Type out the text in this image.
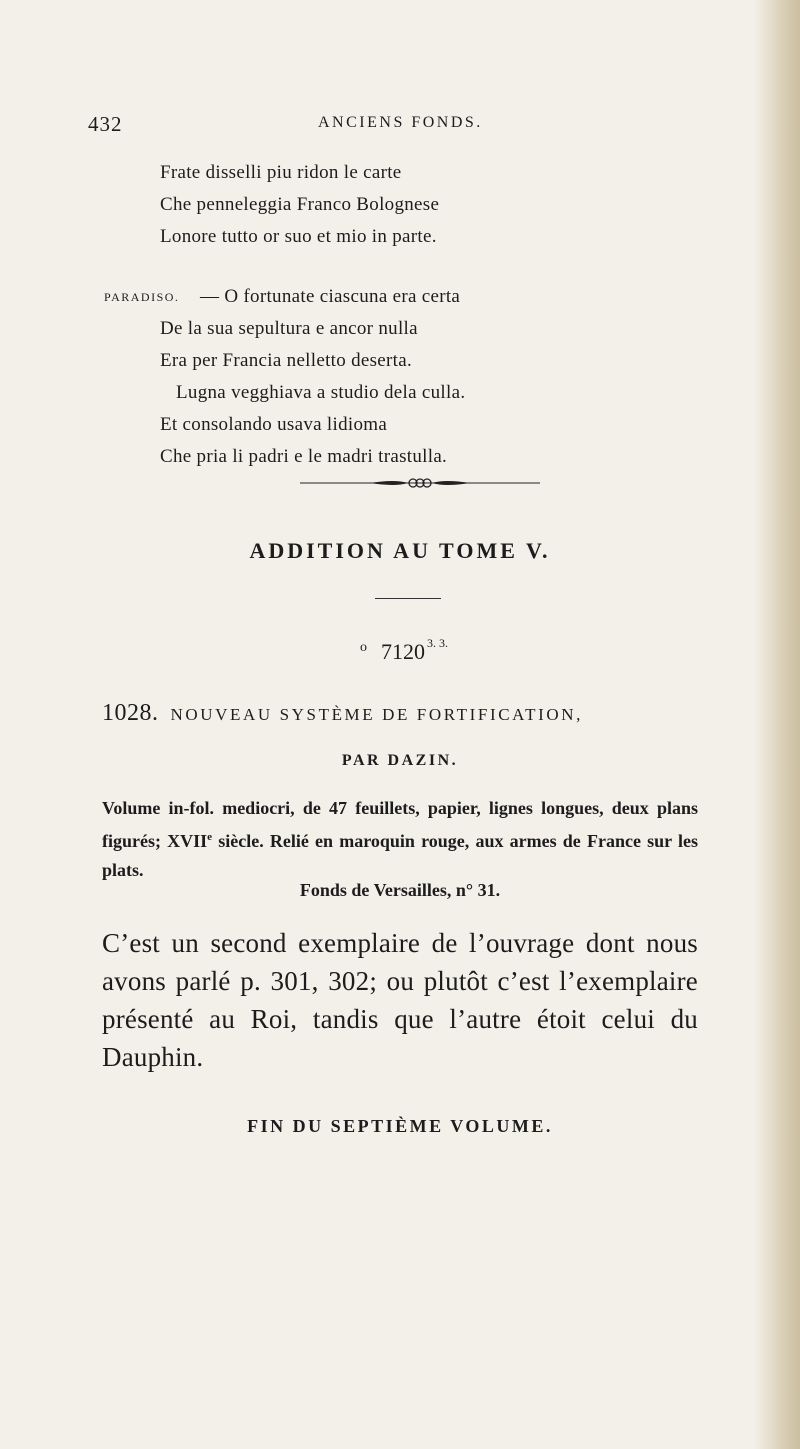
432	ANCIENS FONDS.
Frate disselli piu ridon le carte
Che penneleggia Franco Bolognese
Lonore tutto or suo et mio in parte.
PARADISO. — O fortunate ciascuna era certa
De la sua sepultura e ancor nulla
Era per Francia nelletto deserta.
Lugna vegghiava a studio dela culla.
Et consolando usava lidioma
Che pria li padri e le madri trastulla.
ADDITION AU TOME V.
$^o$ 7120 $^{3. 3.}$
1028. NOUVEAU SYSTÈME DE FORTIFICATION,
PAR DAZIN.
Volume in-fol. mediocri, de 47 feuillets, papier, lignes longues, deux plans figurés; XVIIe siècle. Relié en maroquin rouge, aux armes de France sur les plats.
Fonds de Versailles, n° 31.
C’est un second exemplaire de l’ouvrage dont nous avons parlé p. 301, 302; ou plutôt c’est l’exemplaire présenté au Roi, tandis que l’autre étoit celui du Dauphin.
FIN DU SEPTIÈME VOLUME.
